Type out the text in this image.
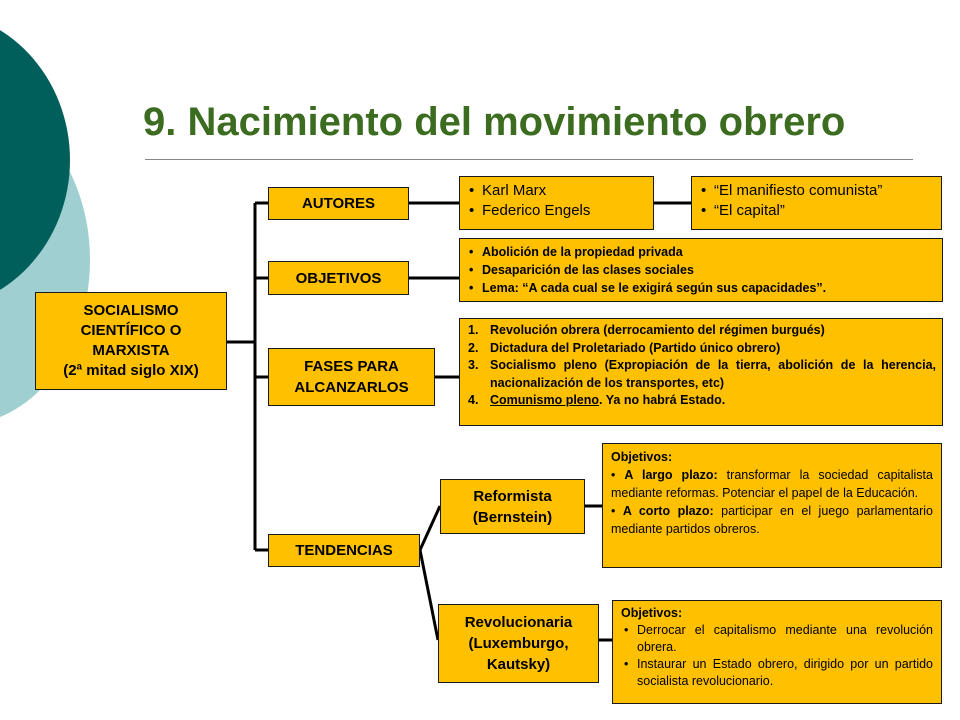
9. Nacimiento del movimiento obrero
SOCIALISMO
CIENTÍFICO O
MARXISTA
(2ª mitad siglo XIX)
AUTORES
• Karl Marx
• Federico Engels
• “El manifiesto comunista”
• “El capital”
OBJETIVOS
• Abolición de la propiedad privada
• Desaparición de las clases sociales
• Lema: “A cada cual se le exigirá según sus capacidades”.
FASES PARA
ALCANZARLOS
Revolución obrera (derrocamiento del régimen burgués)
Dictadura del Proletariado (Partido único obrero)
Socialismo pleno (Expropiación de la tierra, abolición de la herencia, nacionalización de los transportes, etc)
Comunismo pleno. Ya no habrá Estado.
TENDENCIAS
Reformista
(Bernstein)
Objetivos:
• A largo plazo: transformar la sociedad capitalista mediante reformas. Potenciar el papel de la Educación.
• A corto plazo: participar en el juego parlamentario mediante partidos obreros.
Revolucionaria
(Luxemburgo,
Kautsky)
Objetivos:
• Derrocar el capitalismo mediante una revolución obrera.
• Instaurar un Estado obrero, dirigido por un partido socialista revolucionario.
